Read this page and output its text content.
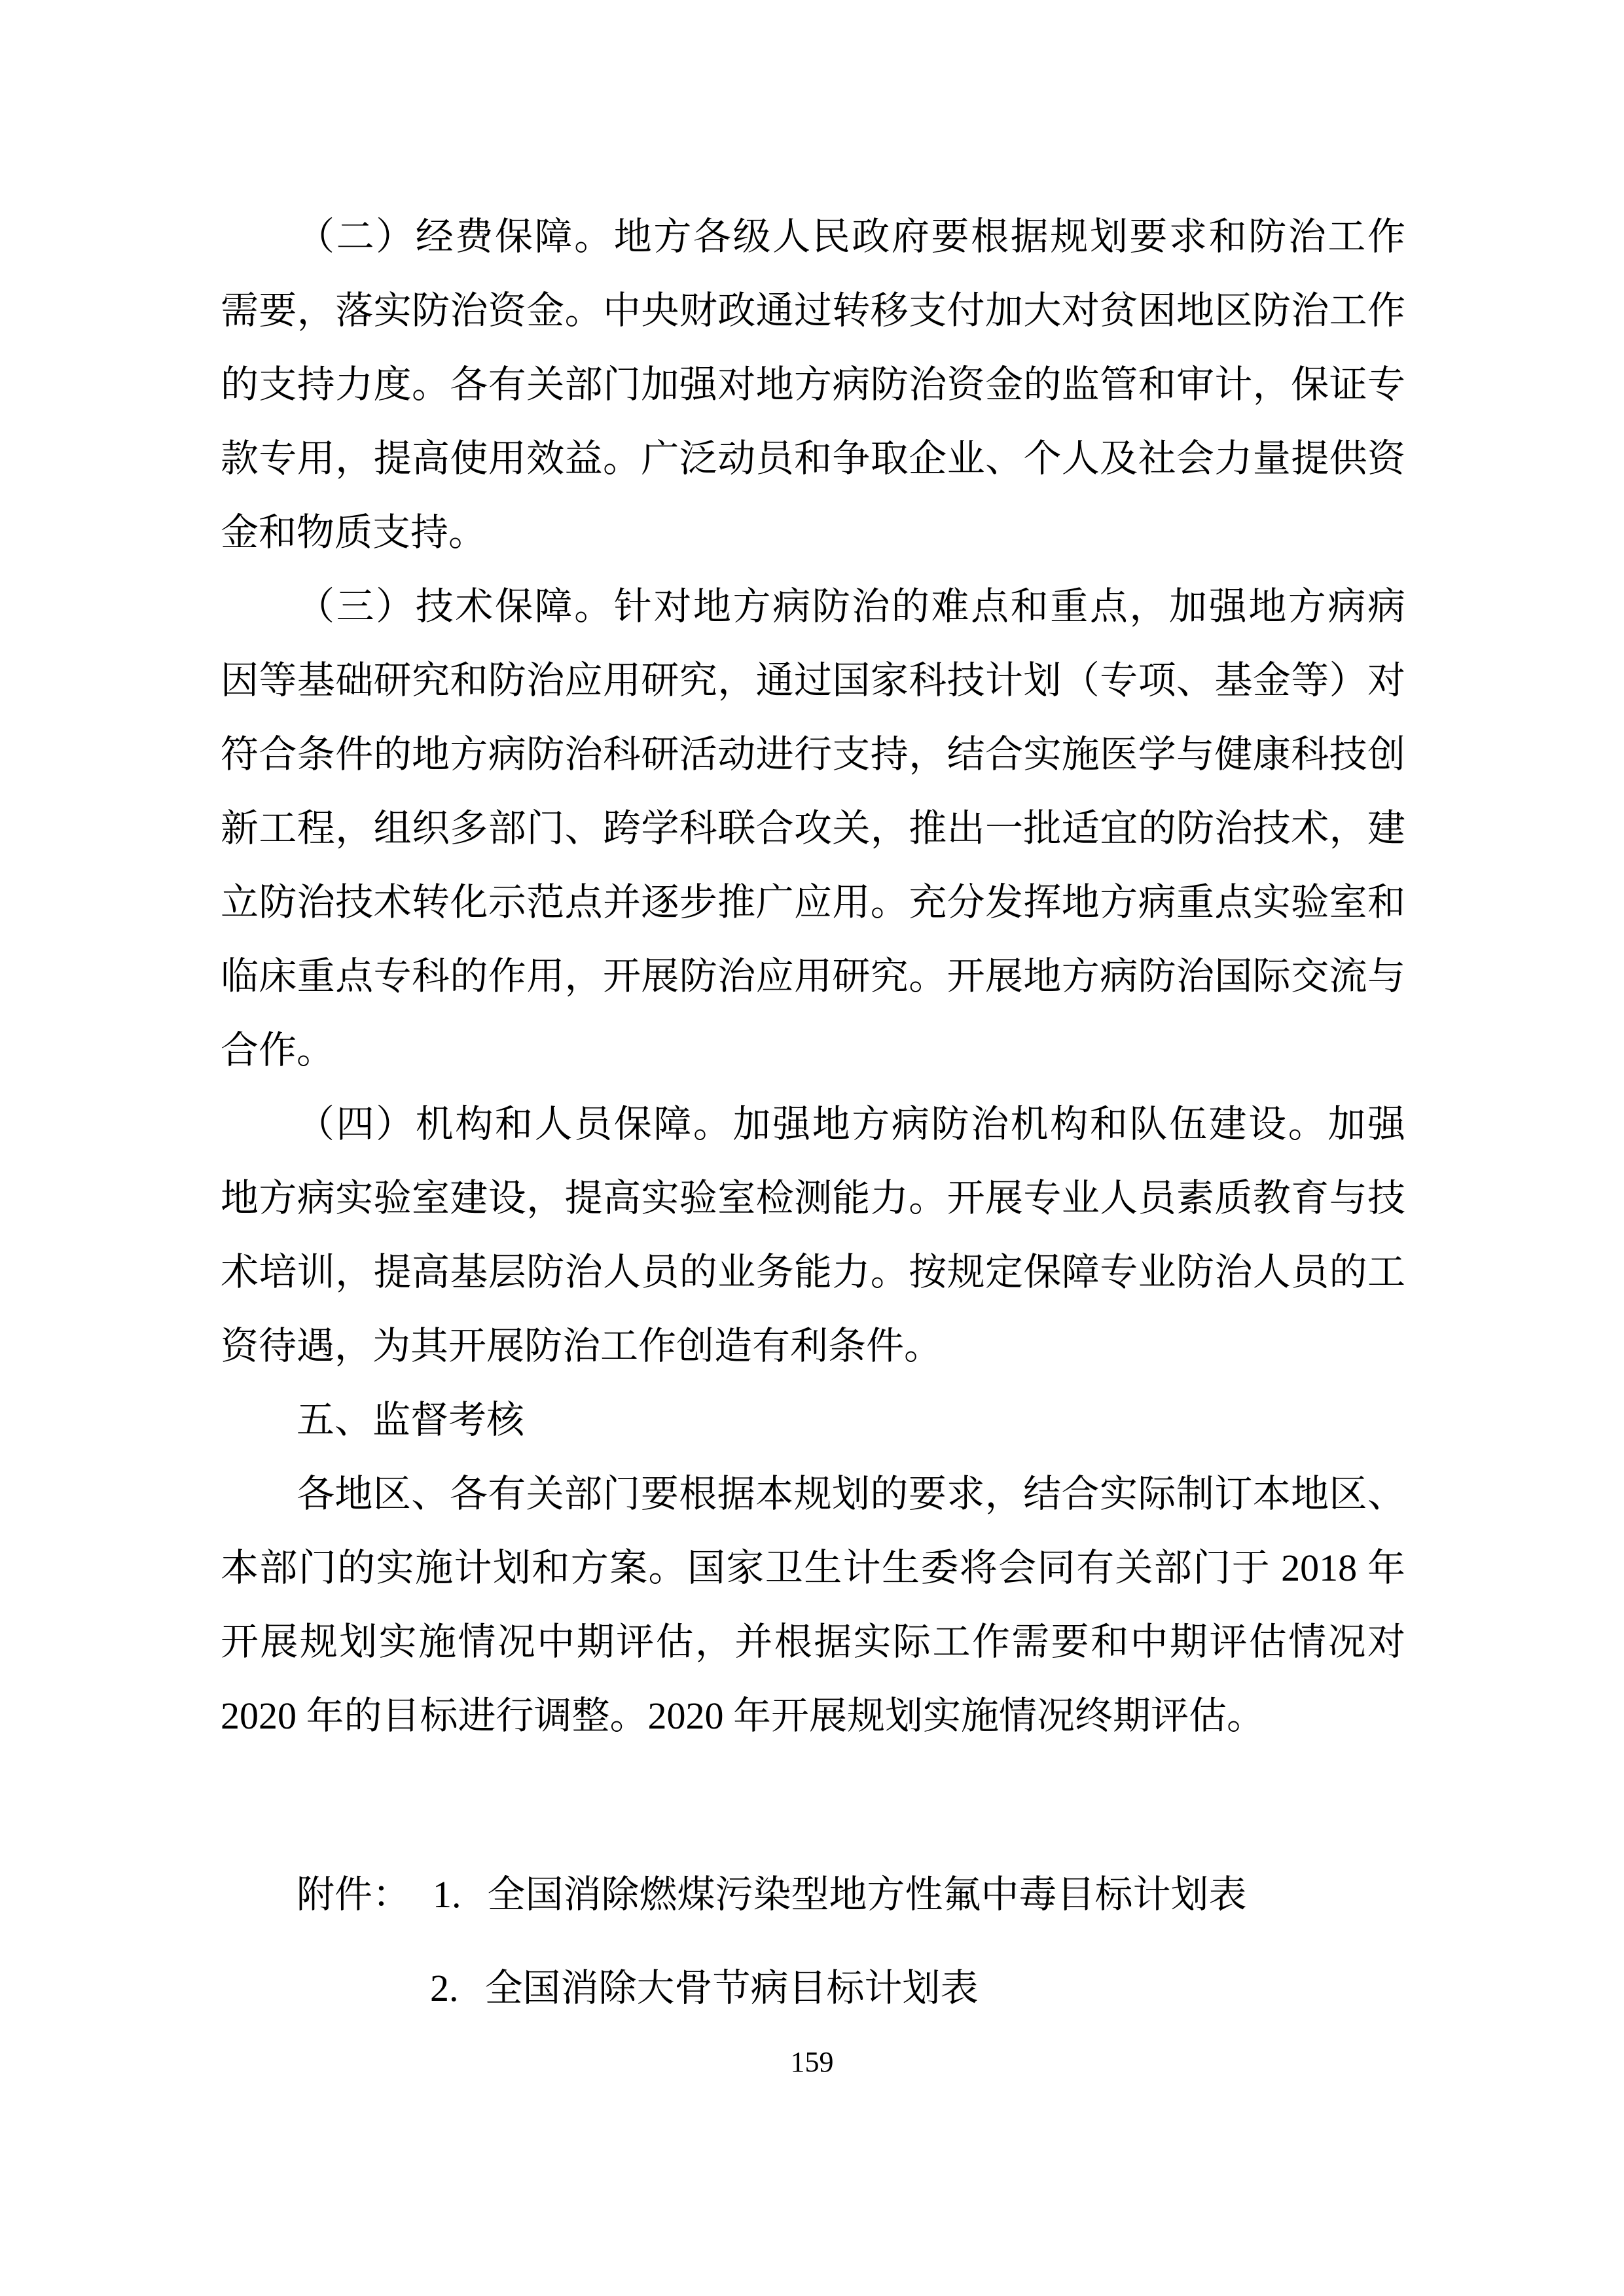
（二）经费保障。地方各级人民政府要根据规划要求和防治工作
需要，落实防治资金。中央财政通过转移支付加大对贫困地区防治工作
的支持力度。各有关部门加强对地方病防治资金的监管和审计，保证专
款专用，提高使用效益。广泛动员和争取企业、个人及社会力量提供资
金和物质支持。
（三）技术保障。针对地方病防治的难点和重点，加强地方病病
因等基础研究和防治应用研究，通过国家科技计划（专项、基金等）对
符合条件的地方病防治科研活动进行支持，结合实施医学与健康科技创
新工程，组织多部门、跨学科联合攻关，推出一批适宜的防治技术，建
立防治技术转化示范点并逐步推广应用。充分发挥地方病重点实验室和
临床重点专科的作用，开展防治应用研究。开展地方病防治国际交流与
合作。
（四）机构和人员保障。加强地方病防治机构和队伍建设。加强
地方病实验室建设，提高实验室检测能力。开展专业人员素质教育与技
术培训，提高基层防治人员的业务能力。按规定保障专业防治人员的工
资待遇，为其开展防治工作创造有利条件。
五、监督考核
各地区、各有关部门要根据本规划的要求，结合实际制订本地区、
本部门的实施计划和方案。国家卫生计生委将会同有关部门于 2018 年
开展规划实施情况中期评估，并根据实际工作需要和中期评估情况对
2020 年的目标进行调整。2020 年开展规划实施情况终期评估。
附件： 1. 全国消除燃煤污染型地方性氟中毒目标计划表
2. 全国消除大骨节病目标计划表
159
